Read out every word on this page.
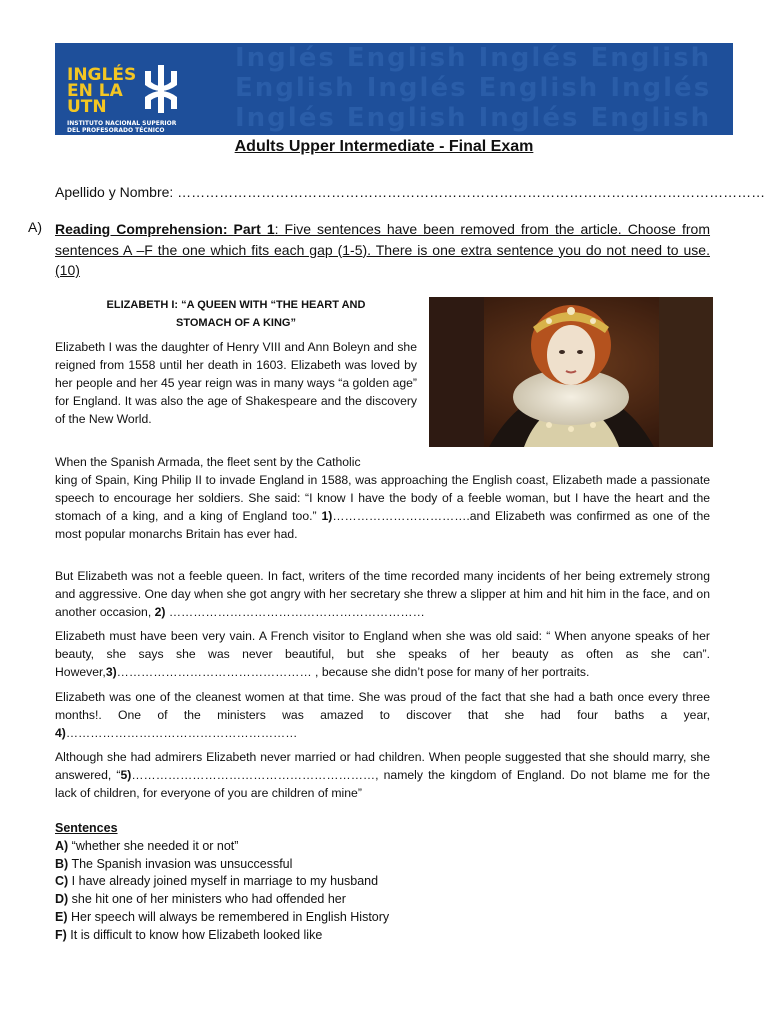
Inglés English Inglés English
English Inglés English Inglés
Inglés English Inglés English
INGLÉS
EN LA
UTN
INSTITUTO NACIONAL SUPERIOR
DEL PROFESORADO TÉCNICO
Adults Upper Intermediate - Final Exam
Apellido y Nombre: ………………………………………………………………………………………………………………
A) Reading Comprehension: Part 1: Five sentences have been removed from the article. Choose from sentences A –F the one which fits each gap (1-5). There is one extra sentence you do not need to use. (10)
ELIZABETH I: “A QUEEN WITH “THE HEART AND
STOMACH OF A KING”
Elizabeth I was the daughter of Henry VIII and Ann Boleyn and she reigned from 1558 until her death in 1603. Elizabeth was loved by her people and her 45 year reign was in many ways “a golden age” for England. It was also the age of Shakespeare and the discovery of the New World.
When the Spanish Armada, the fleet sent by the Catholic
king of Spain, King Philip II to invade England in 1588, was approaching the English coast, Elizabeth made a passionate speech to encourage her soldiers. She said: “I know I have the body of a feeble woman, but I have the heart and the stomach of a king, and a king of England too.” 1)…………………………….and Elizabeth was confirmed as one of the most popular monarchs Britain has ever had.
But Elizabeth was not a feeble queen. In fact, writers of the time recorded many incidents of her being extremely strong and aggressive. One day when she got angry with her secretary she threw a slipper at him and hit him in the face, and on another occasion, 2) ………………………………………………………
Elizabeth must have been very vain. A French visitor to England when she was old said: “ When anyone speaks of her beauty, she says she was never beautiful, but she speaks of her beauty as often as she can”. However,3)………………………………………… , because she didn’t pose for many of her portraits.
Elizabeth was one of the cleanest women at that time. She was proud of the fact that she had a bath once every three months!. One of the ministers was amazed to discover that she had four baths a year, 4)…………………………………………………
Although she had admirers Elizabeth never married or had children. When people suggested that she should marry, she answered, “5)……………………………………………………, namely the kingdom of England. Do not blame me for the lack of children, for everyone of you are children of mine”
Sentences
A) “whether she needed it or not”
B) The Spanish invasion was unsuccessful
C) I have already joined myself in marriage to my husband
D) she hit one of her ministers who had offended her
E) Her speech will always be remembered in English History
F) It is difficult to know how Elizabeth looked like
